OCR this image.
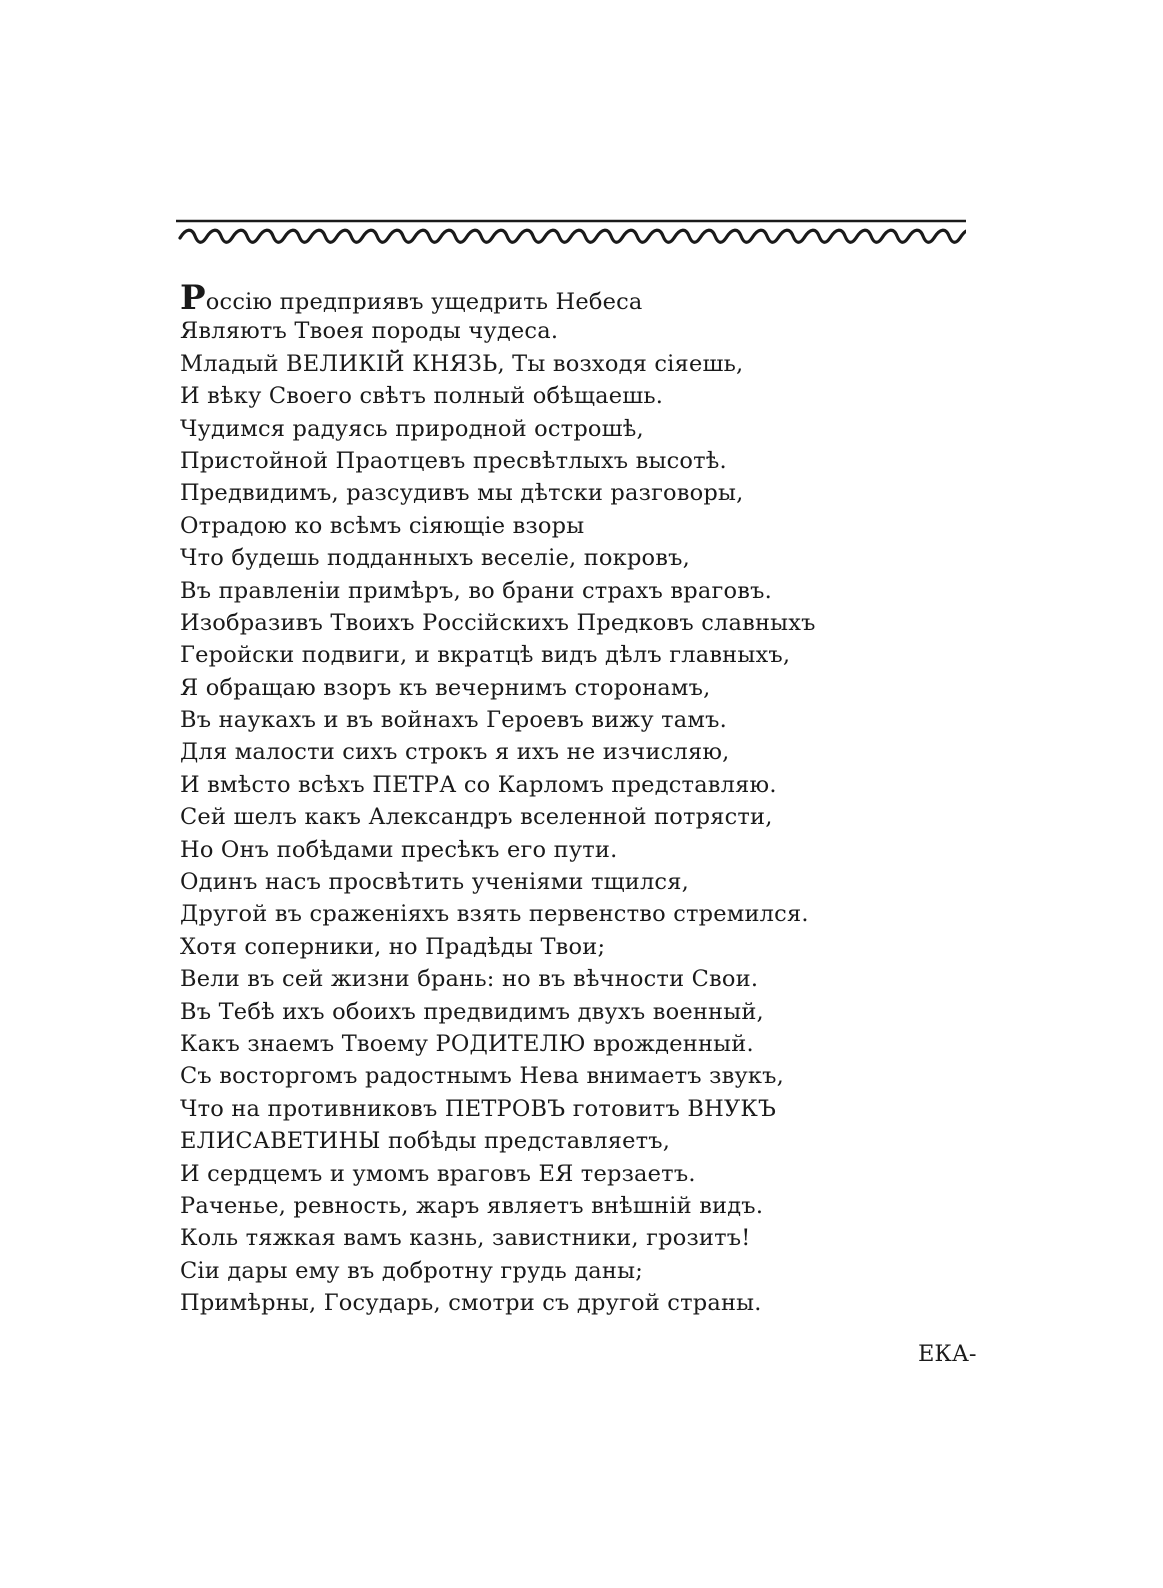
Россію предприявъ ущедрить Небеса
Являютъ Твоея породы чудеса.
Младый ВЕЛИКІЙ КНЯЗЬ, Ты возходя сіяешь,
И вѣку Своего свѣтъ полный обѣщаешь.
Чудимся радуясь природной острошѣ,
Пристойной Праотцевъ пресвѣтлыхъ высотѣ.
Предвидимъ, разсудивъ мы дѣтски разговоры,
Отрадою ко всѣмъ сіяющіе взоры
Что будешь подданныхъ веселіе, покровъ,
Въ правленіи примѣръ, во брани страхъ враговъ.
Изобразивъ Твоихъ Россійскихъ Предковъ славныхъ
Геройски подвиги, и вкратцѣ видъ дѣлъ главныхъ,
Я обращаю взоръ къ вечернимъ сторонамъ,
Въ наукахъ и въ войнахъ Героевъ вижу тамъ.
Для малости сихъ строкъ я ихъ не изчисляю,
И вмѣсто всѣхъ ПЕТРА со Карломъ представляю.
Сей шелъ какъ Александръ вселенной потрясти,
Но Онъ побѣдами пресѣкъ его пути.
Одинъ насъ просвѣтить ученіями тщился,
Другой въ сраженіяхъ взять первенство стремился.
Хотя соперники, но Прадѣды Твои;
Вели въ сей жизни брань: но въ вѣчности Свои.
Въ Тебѣ ихъ обоихъ предвидимъ двухъ военный,
Какъ знаемъ Твоему РОДИТЕЛЮ врожденный.
Съ восторгомъ радостнымъ Нева внимаетъ звукъ,
Что на противниковъ ПЕТРОВЪ готовитъ ВНУКЪ
ЕЛИСАВЕТИНЫ побѣды представляетъ,
И сердцемъ и умомъ враговъ ЕЯ терзаетъ.
Раченье, ревность, жаръ являетъ внѣшній видъ.
Коль тяжкая вамъ казнь, завистники, грозитъ!
Сіи дары ему въ добротну грудь даны;
Примѣрны, Государь, смотри съ другой страны.
ЕКА-
